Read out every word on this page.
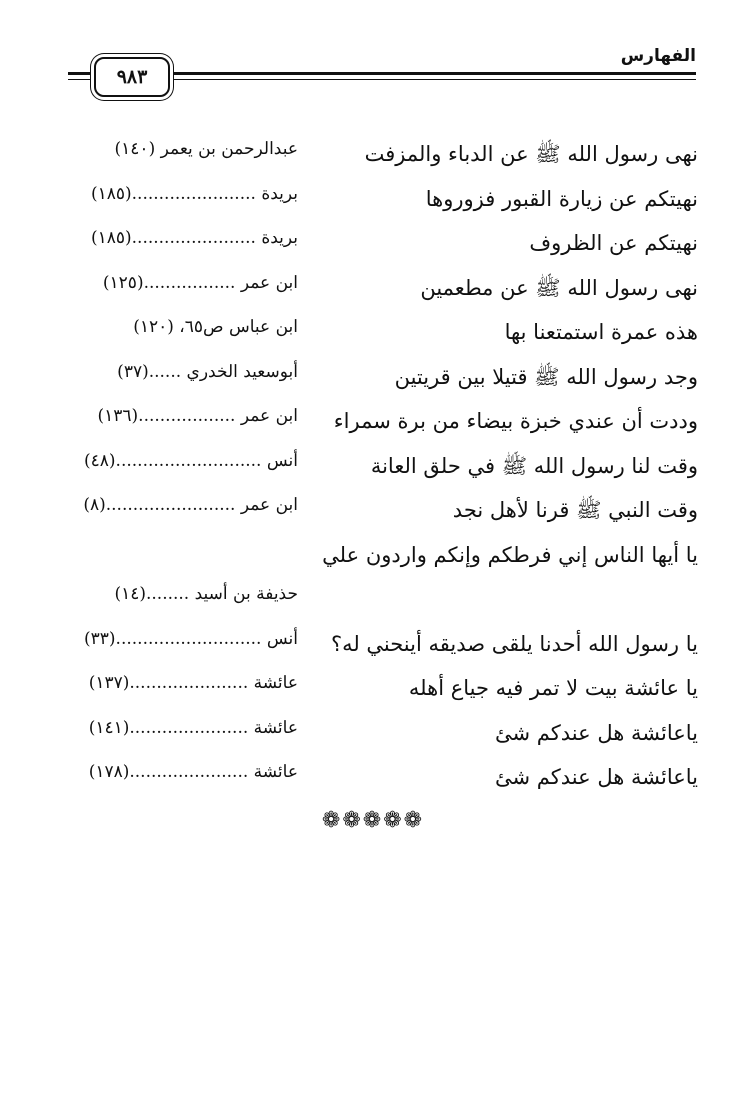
الفهارس
٩٨٣
نهى رسول الله ﷺ عن الدباء والمزفت
عبدالرحمن بن يعمر (١٤٠)
نهيتكم عن زيارة القبور فزوروها
بريدة .......................(١٨٥)
نهيتكم عن الظروف
بريدة .......................(١٨٥)
نهى رسول الله ﷺ عن مطعمين
ابن عمر .................(١٢٥)
هذه عمرة استمتعنا بها
ابن عباس ص٦٥، (١٢٠)
وجد رسول الله ﷺ قتيلا بين قريتين
أبوسعيد الخدري ......(٣٧)
وددت أن عندي خبزة بيضاء من برة سمراء
ابن عمر ..................(١٣٦)
وقت لنا رسول الله ﷺ في حلق العانة
أنس ...........................(٤٨)
وقت النبي ﷺ قرنا لأهل نجد
ابن عمر ........................(٨)
يا أيها الناس إني فرطكم وإنكم واردون علي
حذيفة بن أسيد ........(١٤)
يا رسول الله أحدنا يلقى صديقه أينحني له؟
أنس ...........................(٣٣)
يا عائشة بيت لا تمر فيه جياع أهله
عائشة ......................(١٣٧)
ياعائشة هل عندكم شئ
عائشة ......................(١٤١)
ياعائشة هل عندكم شئ
عائشة ......................(١٧٨)
❁❁❁❁❁
